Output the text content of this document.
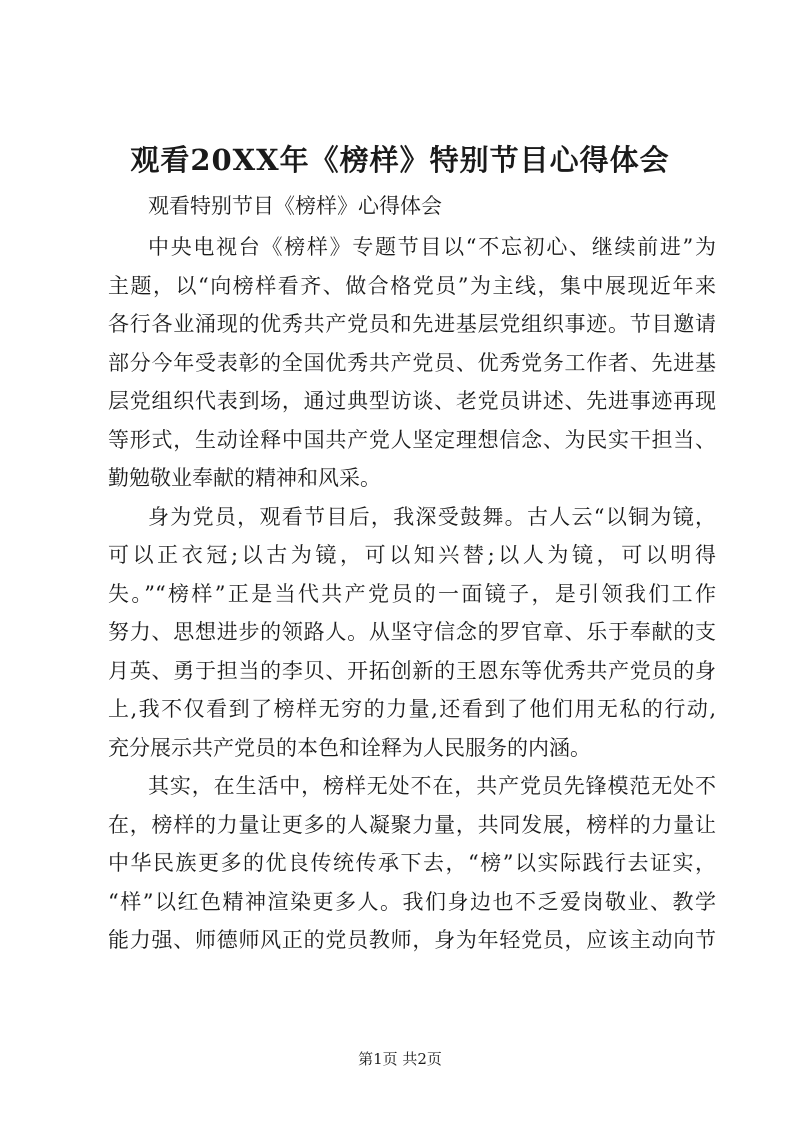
观看20XX年《榜样》特别节目心得体会
观看特别节目《榜样》心得体会
中央电视台《榜样》专题节目以“不忘初心、继续前进”为
主题，以“向榜样看齐、做合格党员”为主线，集中展现近年来
各行各业涌现的优秀共产党员和先进基层党组织事迹。节目邀请
部分今年受表彰的全国优秀共产党员、优秀党务工作者、先进基
层党组织代表到场，通过典型访谈、老党员讲述、先进事迹再现
等形式，生动诠释中国共产党人坚定理想信念、为民实干担当、
勤勉敬业奉献的精神和风采。
身为党员，观看节目后，我深受鼓舞。古人云“以铜为镜，
可以正衣冠;以古为镜，可以知兴替;以人为镜，可以明得
失。”“榜样”正是当代共产党员的一面镜子，是引领我们工作
努力、思想进步的领路人。从坚守信念的罗官章、乐于奉献的支
月英、勇于担当的李贝、开拓创新的王恩东等优秀共产党员的身
上,我不仅看到了榜样无穷的力量,还看到了他们用无私的行动,
充分展示共产党员的本色和诠释为人民服务的内涵。
其实，在生活中，榜样无处不在，共产党员先锋模范无处不
在，榜样的力量让更多的人凝聚力量，共同发展，榜样的力量让
中华民族更多的优良传统传承下去，“榜”以实际践行去证实，
“样”以红色精神渲染更多人。我们身边也不乏爱岗敬业、教学
能力强、师德师风正的党员教师，身为年轻党员，应该主动向节
第1页 共2页
